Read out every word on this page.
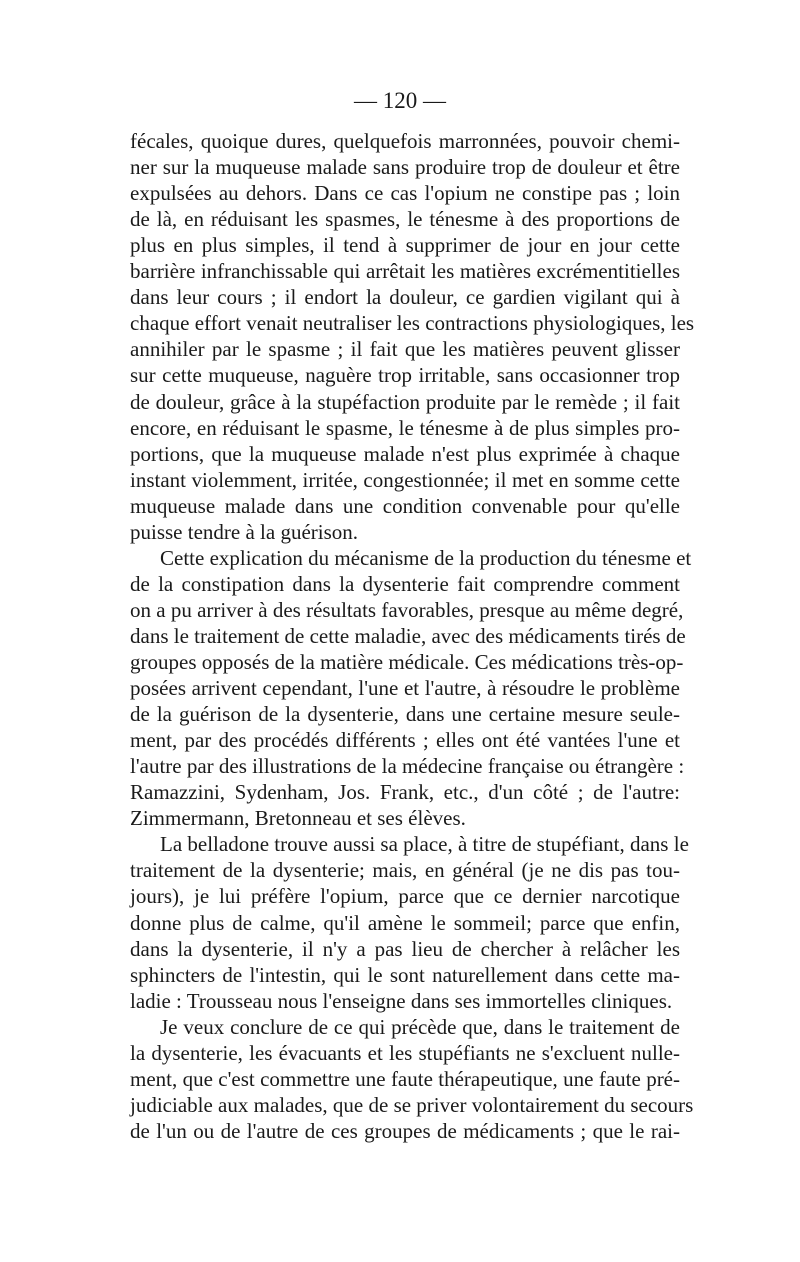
— 120 —
fécales, quoique dures, quelquefois marronnées, pouvoir chemi-
ner sur la muqueuse malade sans produire trop de douleur et être
expulsées au dehors. Dans ce cas l'opium ne constipe pas ; loin
de là, en réduisant les spasmes, le ténesme à des proportions de
plus en plus simples, il tend à supprimer de jour en jour cette
barrière infranchissable qui arrêtait les matières excrémentitielles
dans leur cours ; il endort la douleur, ce gardien vigilant qui à
chaque effort venait neutraliser les contractions physiologiques, les
annihiler par le spasme ; il fait que les matières peuvent glisser
sur cette muqueuse, naguère trop irritable, sans occasionner trop
de douleur, grâce à la stupéfaction produite par le remède ; il fait
encore, en réduisant le spasme, le ténesme à de plus simples pro-
portions, que la muqueuse malade n'est plus exprimée à chaque
instant violemment, irritée, congestionnée; il met en somme cette
muqueuse malade dans une condition convenable pour qu'elle
puisse tendre à la guérison.
Cette explication du mécanisme de la production du ténesme et
de la constipation dans la dysenterie fait comprendre comment
on a pu arriver à des résultats favorables, presque au même degré,
dans le traitement de cette maladie, avec des médicaments tirés de
groupes opposés de la matière médicale. Ces médications très-op-
posées arrivent cependant, l'une et l'autre, à résoudre le problème
de la guérison de la dysenterie, dans une certaine mesure seule-
ment, par des procédés différents ; elles ont été vantées l'une et
l'autre par des illustrations de la médecine française ou étrangère :
Ramazzini, Sydenham, Jos. Frank, etc., d'un côté ; de l'autre:
Zimmermann, Bretonneau et ses élèves.
La belladone trouve aussi sa place, à titre de stupéfiant, dans le
traitement de la dysenterie; mais, en général (je ne dis pas tou-
jours), je lui préfère l'opium, parce que ce dernier narcotique
donne plus de calme, qu'il amène le sommeil; parce que enfin,
dans la dysenterie, il n'y a pas lieu de chercher à relâcher les
sphincters de l'intestin, qui le sont naturellement dans cette ma-
ladie : Trousseau nous l'enseigne dans ses immortelles cliniques.
Je veux conclure de ce qui précède que, dans le traitement de
la dysenterie, les évacuants et les stupéfiants ne s'excluent nulle-
ment, que c'est commettre une faute thérapeutique, une faute pré-
judiciable aux malades, que de se priver volontairement du secours
de l'un ou de l'autre de ces groupes de médicaments ; que le rai-
